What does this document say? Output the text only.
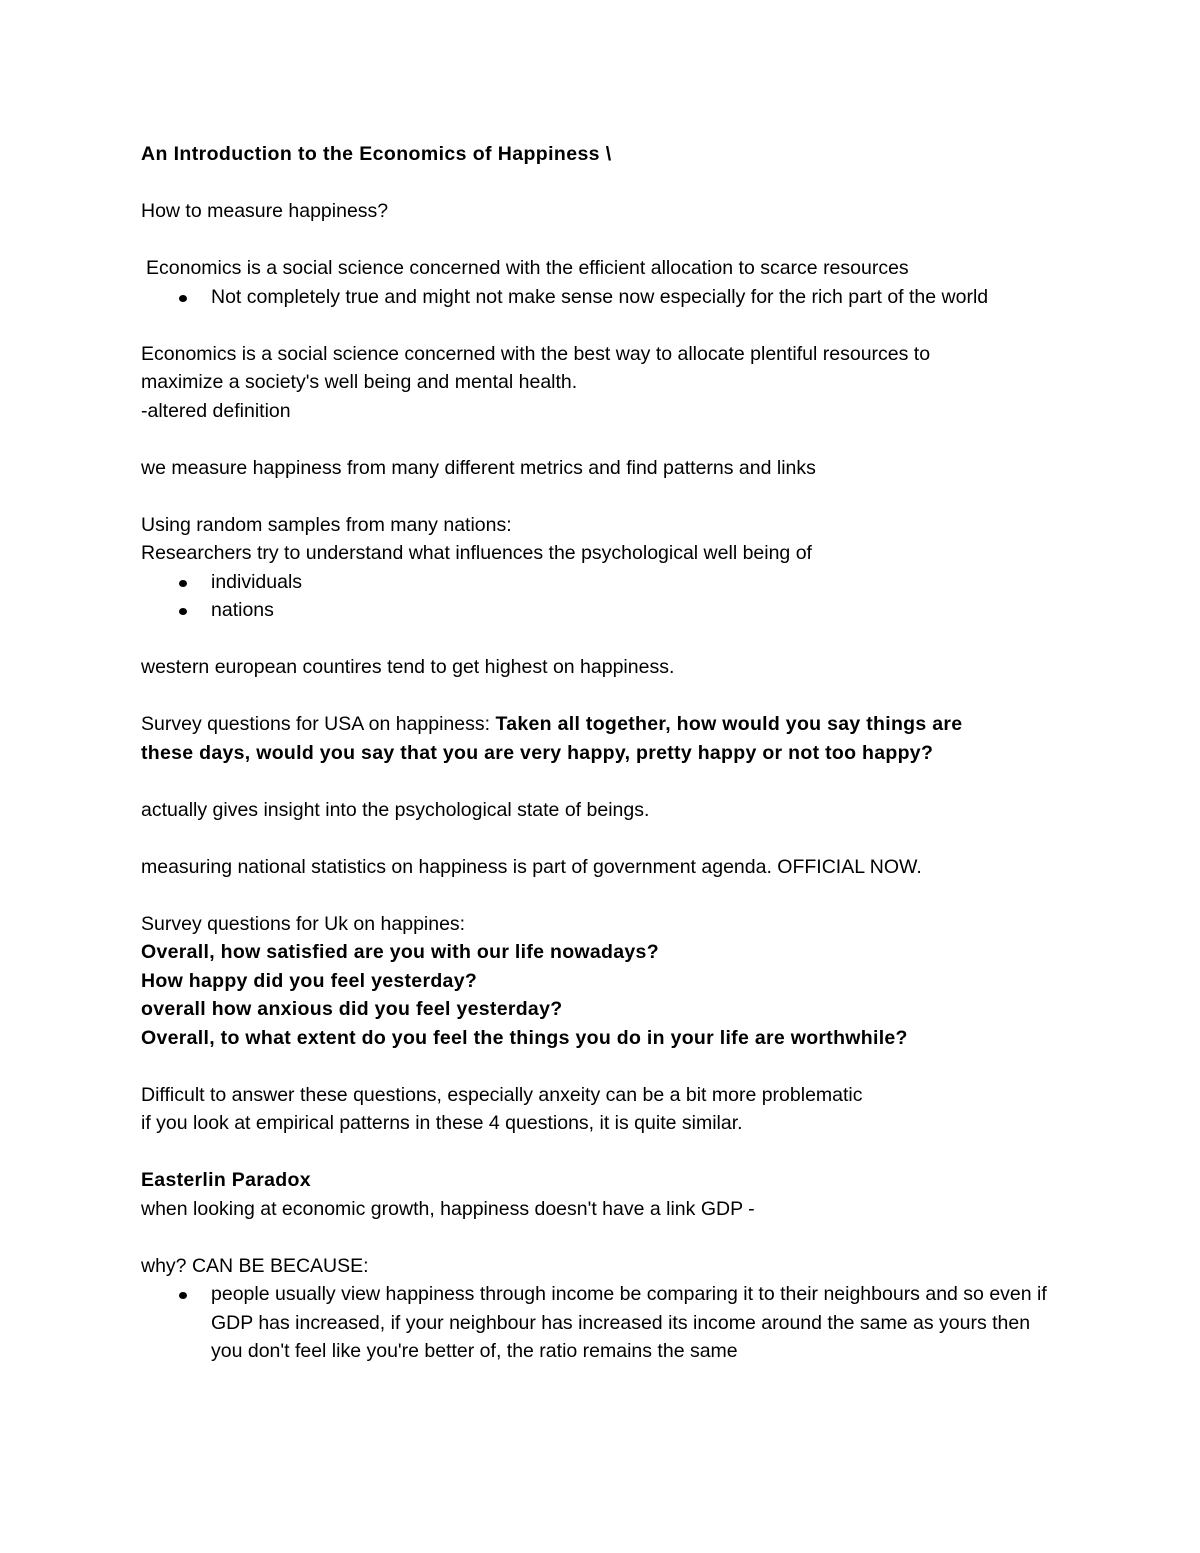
An Introduction to the Economics of Happiness \

How to measure happiness?

Economics is a social science concerned with the efficient allocation to scarce resources

Not completely true and might not make sense now especially for the rich part of the world

Economics is a social science concerned with the best way to allocate plentiful resources to

maximize a society's well being and mental health.

-altered definition

we measure happiness from many different metrics and find patterns and links

Using random samples from many nations:

Researchers try to understand what influences the psychological well being of

individuals
nations

western european countires tend to get highest on happiness.

Survey questions for USA on happiness: Taken all together, how would you say things are

these days, would you say that you are very happy, pretty happy or not too happy?

actually gives insight into the psychological state of beings.

measuring national statistics on happiness is part of government agenda. OFFICIAL NOW.

Survey questions for Uk on happines:

Overall, how satisfied are you with our life nowadays?

How happy did you feel yesterday?

overall how anxious did you feel yesterday?

Overall, to what extent do you feel the things you do in your life are worthwhile?

Difficult to answer these questions, especially anxeity can be a bit more problematic

if you look at empirical patterns in these 4 questions, it is quite similar.

Easterlin Paradox

when looking at economic growth, happiness doesn't have a link GDP -

why? CAN BE BECAUSE:

people usually view happiness through income be comparing it to their neighbours and so even if GDP has increased, if your neighbour has increased its income around the same as yours then you don't feel like you're better of, the ratio remains the same
